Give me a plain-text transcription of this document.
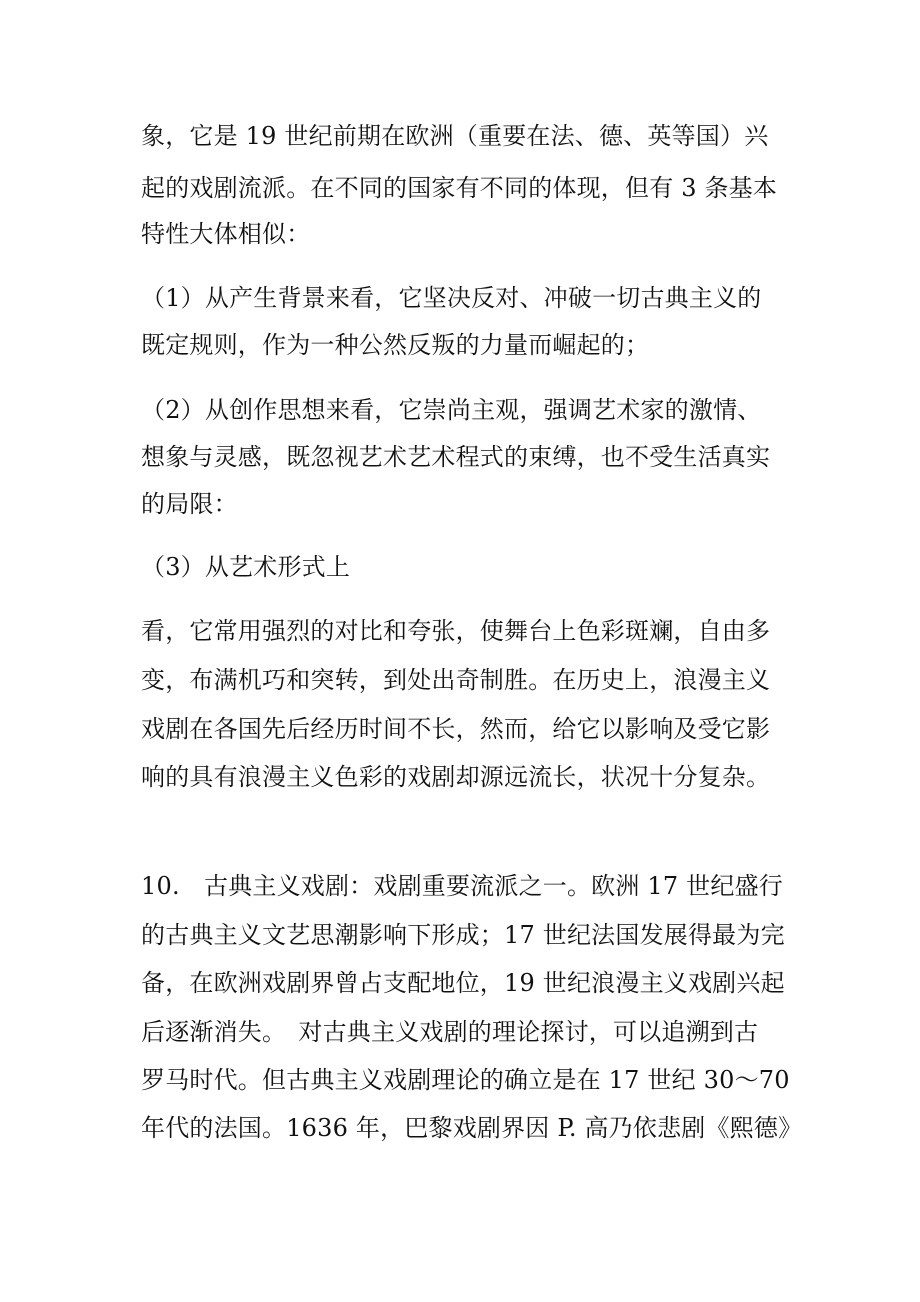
象，它是 19 世纪前期在欧洲（重要在法、德、英等国）兴
起的戏剧流派。在不同的国家有不同的体现，但有 3 条基本
特性大体相似：
（1）从产生背景来看，它坚决反对、冲破一切古典主义的
既定规则，作为一种公然反叛的力量而崛起的；
（2）从创作思想来看，它崇尚主观，强调艺术家的激情、
想象与灵感，既忽视艺术艺术程式的束缚，也不受生活真实
的局限：
（3）从艺术形式上
看，它常用强烈的对比和夸张，使舞台上色彩斑斓，自由多
变，布满机巧和突转，到处出奇制胜。在历史上，浪漫主义
戏剧在各国先后经历时间不长，然而，给它以影响及受它影
响的具有浪漫主义色彩的戏剧却源远流长，状况十分复杂。
10.　古典主义戏剧：戏剧重要流派之一。欧洲 17 世纪盛行
的古典主义文艺思潮影响下形成；17 世纪法国发展得最为完
备，在欧洲戏剧界曾占支配地位，19 世纪浪漫主义戏剧兴起
后逐渐消失。　对古典主义戏剧的理论探讨，可以追溯到古
罗马时代。但古典主义戏剧理论的确立是在 17 世纪 30～70
年代的法国。1636 年，巴黎戏剧界因 P. 高乃依悲剧《熙德》
